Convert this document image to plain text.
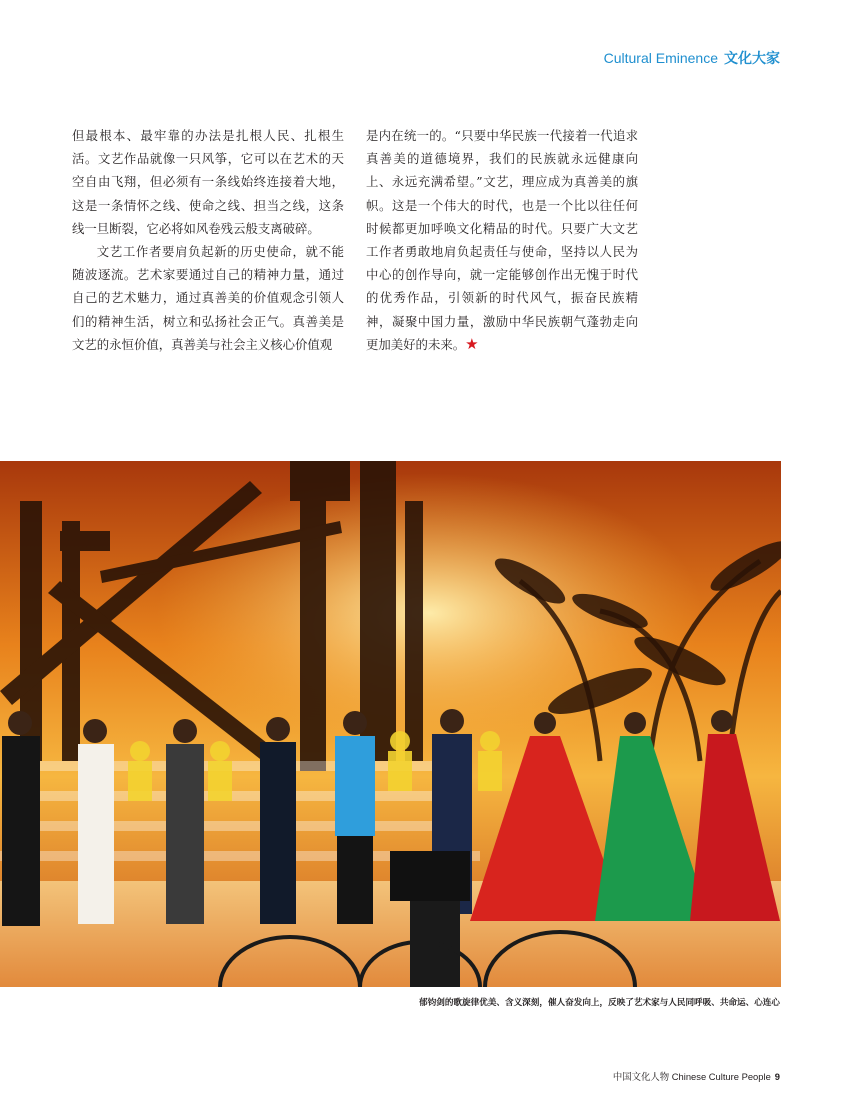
Cultural Eminence 文化大家

但最根本、最牢靠的办法是扎根人民、扎根生活。文艺作品就像一只风筝，它可以在艺术的天空自由飞翔，但必须有一条线始终连接着大地，这是一条情怀之线、使命之线、担当之线，这条线一旦断裂，它必将如风卷残云般支离破碎。

文艺工作者要肩负起新的历史使命，就不能随波逐流。艺术家要通过自己的精神力量，通过自己的艺术魅力，通过真善美的价值观念引领人们的精神生活，树立和弘扬社会正气。真善美是文艺的永恒价值，真善美与社会主义核心价值观

是内在统一的。“只要中华民族一代接着一代追求真善美的道德境界，我们的民族就永远健康向上、永远充满希望。”文艺，理应成为真善美的旗帜。这是一个伟大的时代，也是一个比以往任何时候都更加呼唤文化精品的时代。只要广大文艺工作者勇敢地肩负起责任与使命，坚持以人民为中心的创作导向，就一定能够创作出无愧于时代的优秀作品，引领新的时代风气，振奋民族精神，凝聚中国力量，激励中华民族朝气蓬勃走向更加美好的未来。★

郁钧剑的歌旋律优美、含义深刻，催人奋发向上，反映了艺术家与人民同呼吸、共命运、心连心
中国文化人物 Chinese Culture People 9
